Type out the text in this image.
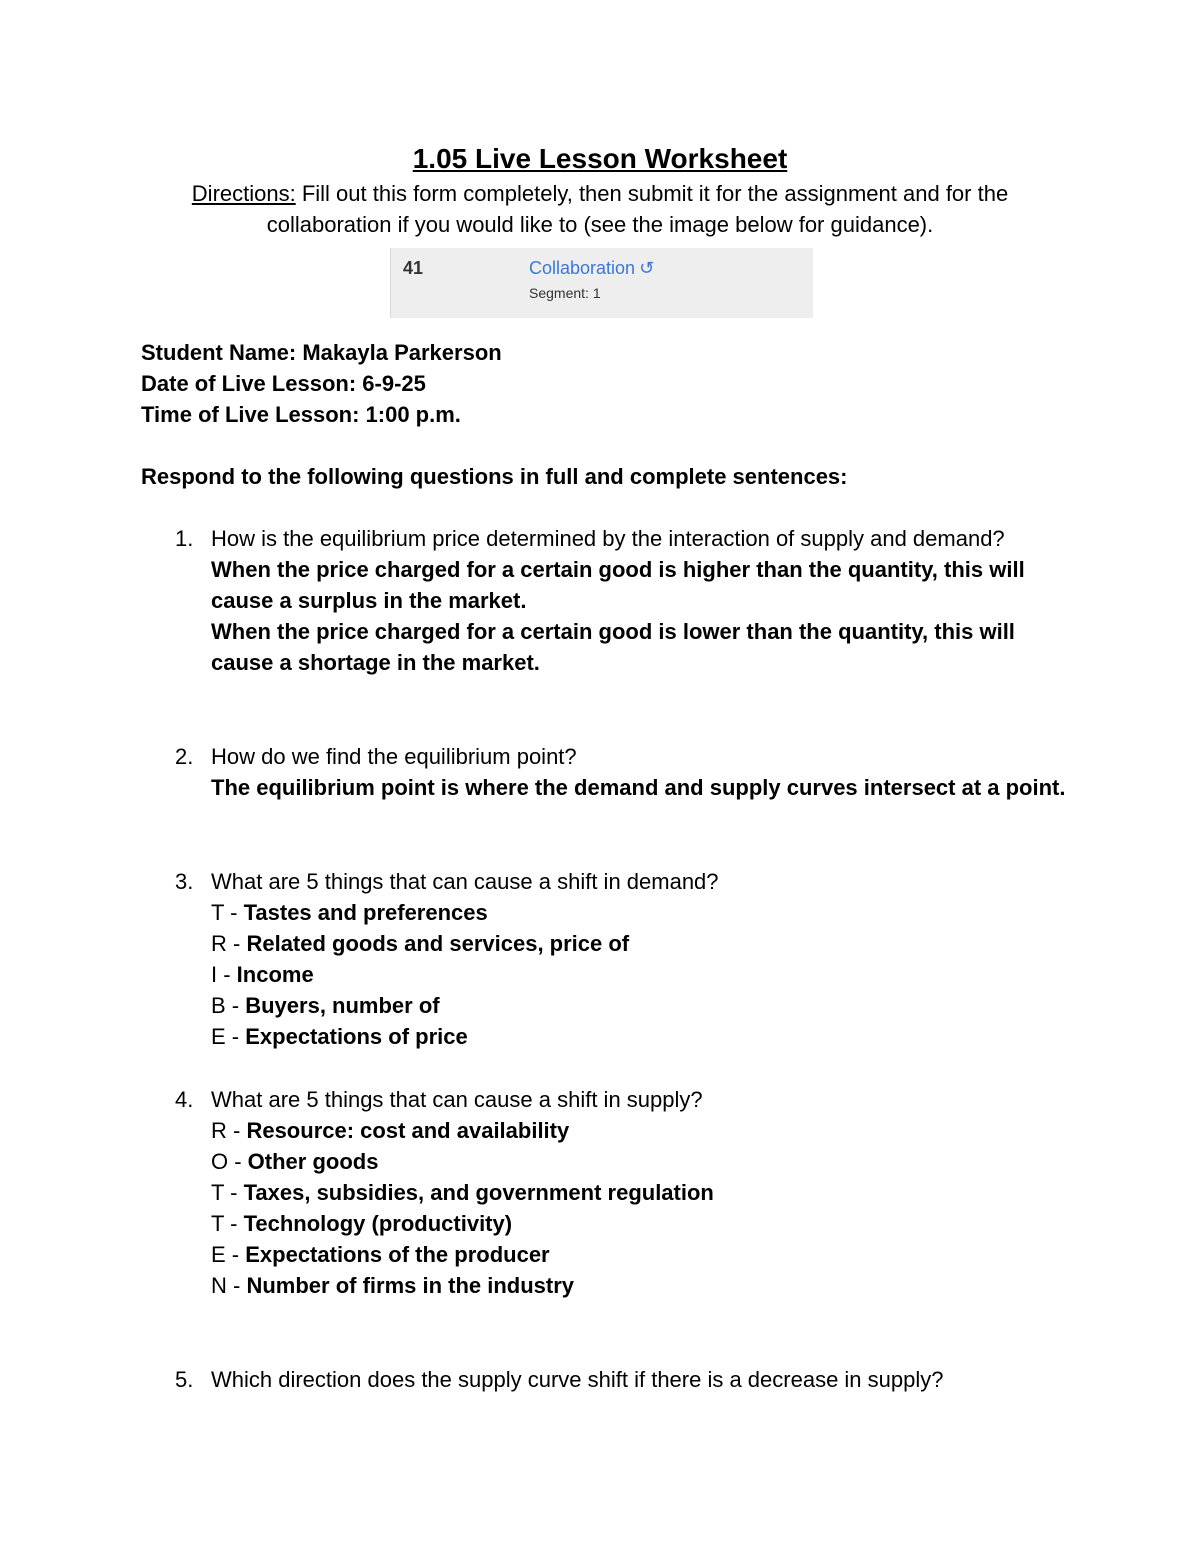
1.05 Live Lesson Worksheet
Directions: Fill out this form completely, then submit it for the assignment and for the collaboration if you would like to (see the image below for guidance).
41	Collaboration ↺
Segment: 1
Student Name: Makayla Parkerson
Date of Live Lesson: 6-9-25
Time of Live Lesson: 1:00 p.m.
Respond to the following questions in full and complete sentences:
1. How is the equilibrium price determined by the interaction of supply and demand?
When the price charged for a certain good is higher than the quantity, this will cause a surplus in the market.
When the price charged for a certain good is lower than the quantity, this will cause a shortage in the market.
2. How do we find the equilibrium point?
The equilibrium point is where the demand and supply curves intersect at a point.
3. What are 5 things that can cause a shift in demand?
T - Tastes and preferences
R - Related goods and services, price of
I - Income
B - Buyers, number of
E - Expectations of price
4. What are 5 things that can cause a shift in supply?
R - Resource: cost and availability
O - Other goods
T - Taxes, subsidies, and government regulation
T - Technology (productivity)
E - Expectations of the producer
N - Number of firms in the industry
5. Which direction does the supply curve shift if there is a decrease in supply?
